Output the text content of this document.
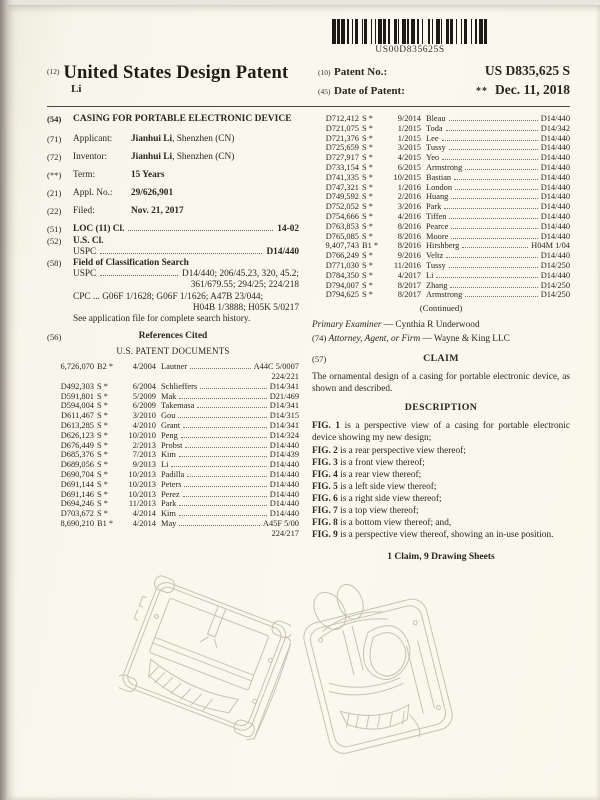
US00D835625S
$^{(12)}$ United States Design Patent
Li
(10) Patent No.:	US D835,625 S
(45) Date of Patent:	** Dec. 11, 2018
(54)	CASING FOR PORTABLE ELECTRONIC DEVICE
(71)	Applicant:	Jianhui Li, Shenzhen (CN)
(72)	Inventor:	Jianhui Li, Shenzhen (CN)
(**)	Term:	15 Years
(21)	Appl. No.:	29/626,901
(22)	Filed:	Nov. 21, 2017
(51)	LOC (11) Cl.	14-02
(52)	U.S. Cl.
USPC	D14/440
(58)	Field of Classification Search
USPC	D14/440; 206/45.23, 320, 45.2;
361/679.55; 294/25; 224/218
CPC ... G06F 1/1628; G06F 1/1626; A47B 23/044;
H04B 1/3888; H05K 5/0217
See application file for complete search history.
(56)	References Cited
U.S. PATENT DOCUMENTS
6,726,070 B2 *	4/2004 Lautner	A44C 5/0007
224/221
D492,303 S *	6/2004 Schlieffers	D14/341
D591,801 S *	5/2009 Mak	D21/469
D594,004 S *	6/2009 Takemasa	D14/341
D611,467 S *	3/2010 Gou	D14/315
D613,285 S *	4/2010 Grant	D14/341
D626,123 S *	10/2010 Peng	D14/324
D676,449 S *	2/2013 Probst	D14/440
D685,376 S *	7/2013 Kim	D14/439
D689,056 S *	9/2013 Li	D14/440
D690,704 S *	10/2013 Padilla	D14/440
D691,144 S *	10/2013 Peters	D14/440
D691,146 S *	10/2013 Perez	D14/440
D694,246 S *	11/2013 Park	D14/440
D703,672 S *	4/2014 Kim	D14/440
8,690,210 B1 *	4/2014 May	A45F 5/00
224/217
D712,412 S *	9/2014 Bleau	D14/440
D721,075 S *	1/2015 Toda	D14/342
D721,376 S *	1/2015 Lee	D14/440
D725,659 S *	3/2015 Tussy	D14/440
D727,917 S *	4/2015 Yeo	D14/440
D733,154 S *	6/2015 Armstrong	D14/440
D741,335 S *	10/2015 Bastian	D14/440
D747,321 S *	1/2016 London	D14/440
D749,592 S *	2/2016 Huang	D14/440
D752,052 S *	3/2016 Park	D14/440
D754,666 S *	4/2016 Tiffen	D14/440
D763,853 S *	8/2016 Pearce	D14/440
D765,085 S *	8/2016 Moore	D14/440
9,407,743 B1 *	8/2016 Hirshberg	H04M 1/04
D766,249 S *	9/2016 Veltz	D14/440
D771,030 S *	11/2016 Tussy	D14/250
D784,350 S *	4/2017 Li	D14/440
D794,007 S *	8/2017 Zhang	D14/250
D794,625 S *	8/2017 Armstrong	D14/250
(Continued)
Primary Examiner — Cynthia R Underwood
(74) Attorney, Agent, or Firm — Wayne & King LLC
(57)	CLAIM
The ornamental design of a casing for portable electronic device, as shown and described.
DESCRIPTION
FIG. 1 is a perspective view of a casing for portable electronic device showing my new design;
FIG. 2 is a rear perspective view thereof;
FIG. 3 is a front view thereof;
FIG. 4 is a rear view thereof;
FIG. 5 is a left side view thereof;
FIG. 6 is a right side view thereof;
FIG. 7 is a top view thereof;
FIG. 8 is a bottom view thereof; and,
FIG. 9 is a perspective view thereof, showing an in-use position.
1 Claim, 9 Drawing Sheets
